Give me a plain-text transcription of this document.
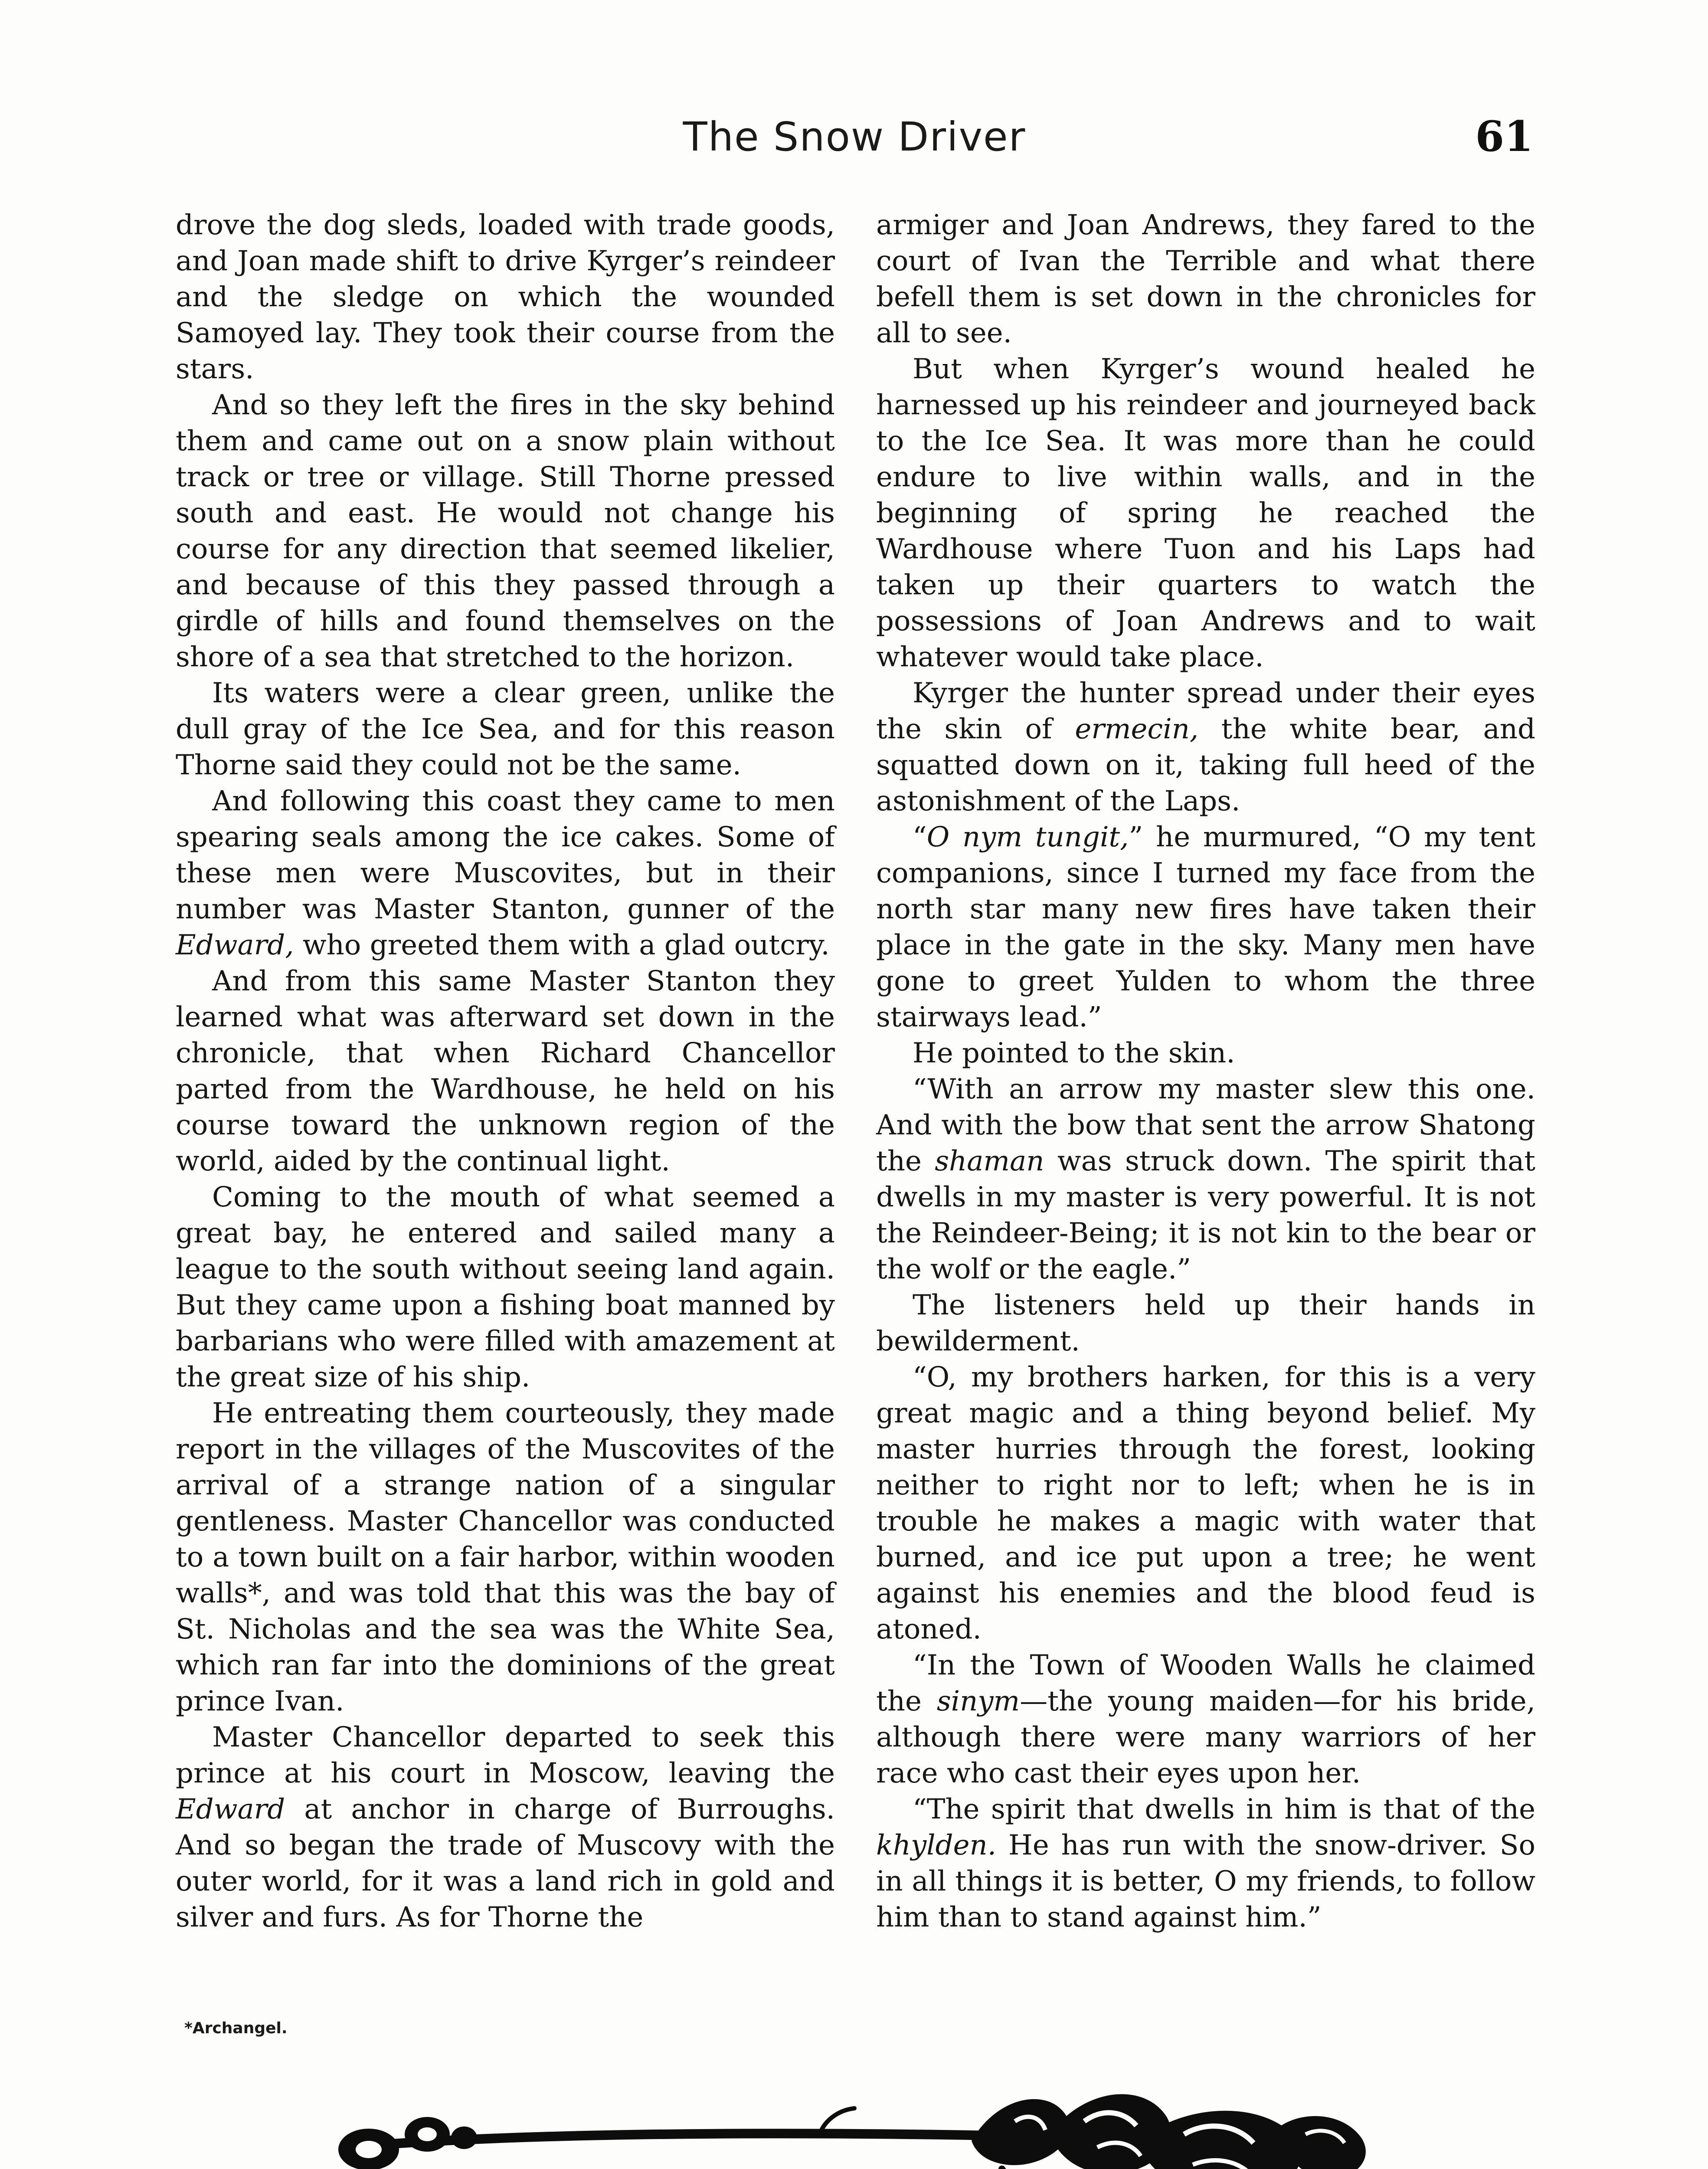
The Snow Driver	61

drove the dog sleds, loaded with trade goods, and Joan made shift to drive Kyrger’s reindeer and the sledge on which the wounded Samoyed lay. They took their course from the stars.

And so they left the fires in the sky behind them and came out on a snow plain without track or tree or village. Still Thorne pressed south and east. He would not change his course for any direction that seemed likelier, and because of this they passed through a girdle of hills and found themselves on the shore of a sea that stretched to the horizon.

Its waters were a clear green, unlike the dull gray of the Ice Sea, and for this reason Thorne said they could not be the same.

And following this coast they came to men spearing seals among the ice cakes. Some of these men were Muscovites, but in their number was Master Stanton, gunner of the Edward, who greeted them with a glad outcry.

And from this same Master Stanton they learned what was afterward set down in the chronicle, that when Richard Chancellor parted from the Wardhouse, he held on his course toward the unknown region of the world, aided by the continual light.

Coming to the mouth of what seemed a great bay, he entered and sailed many a league to the south without seeing land again. But they came upon a fishing boat manned by barbarians who were filled with amazement at the great size of his ship.

He entreating them courteously, they made report in the villages of the Muscovites of the arrival of a strange nation of a singular gentleness. Master Chancellor was conducted to a town built on a fair harbor, within wooden walls*, and was told that this was the bay of St. Nicholas and the sea was the White Sea, which ran far into the dominions of the great prince Ivan.

Master Chancellor departed to seek this prince at his court in Moscow, leaving the Edward at anchor in charge of Burroughs. And so began the trade of Muscovy with the outer world, for it was a land rich in gold and silver and furs. As for Thorne the

armiger and Joan Andrews, they fared to the court of Ivan the Terrible and what there befell them is set down in the chronicles for all to see.

But when Kyrger’s wound healed he harnessed up his reindeer and journeyed back to the Ice Sea. It was more than he could endure to live within walls, and in the beginning of spring he reached the Wardhouse where Tuon and his Laps had taken up their quarters to watch the possessions of Joan Andrews and to wait whatever would take place.

Kyrger the hunter spread under their eyes the skin of ermecin, the white bear, and squatted down on it, taking full heed of the astonishment of the Laps.

“O nym tungit,” he murmured, “O my tent companions, since I turned my face from the north star many new fires have taken their place in the gate in the sky. Many men have gone to greet Yulden to whom the three stairways lead.”

He pointed to the skin.

“With an arrow my master slew this one. And with the bow that sent the arrow Shatong the shaman was struck down. The spirit that dwells in my master is very powerful. It is not the Reindeer-Being; it is not kin to the bear or the wolf or the eagle.”

The listeners held up their hands in bewilderment.

“O, my brothers harken, for this is a very great magic and a thing beyond belief. My master hurries through the forest, looking neither to right nor to left; when he is in trouble he makes a magic with water that burned, and ice put upon a tree; he went against his enemies and the blood feud is atoned.

“In the Town of Wooden Walls he claimed the sinym—the young maiden—for his bride, although there were many warriors of her race who cast their eyes upon her.

“The spirit that dwells in him is that of the khylden. He has run with the snow-driver. So in all things it is better, O my friends, to follow him than to stand against him.”

*Archangel.
